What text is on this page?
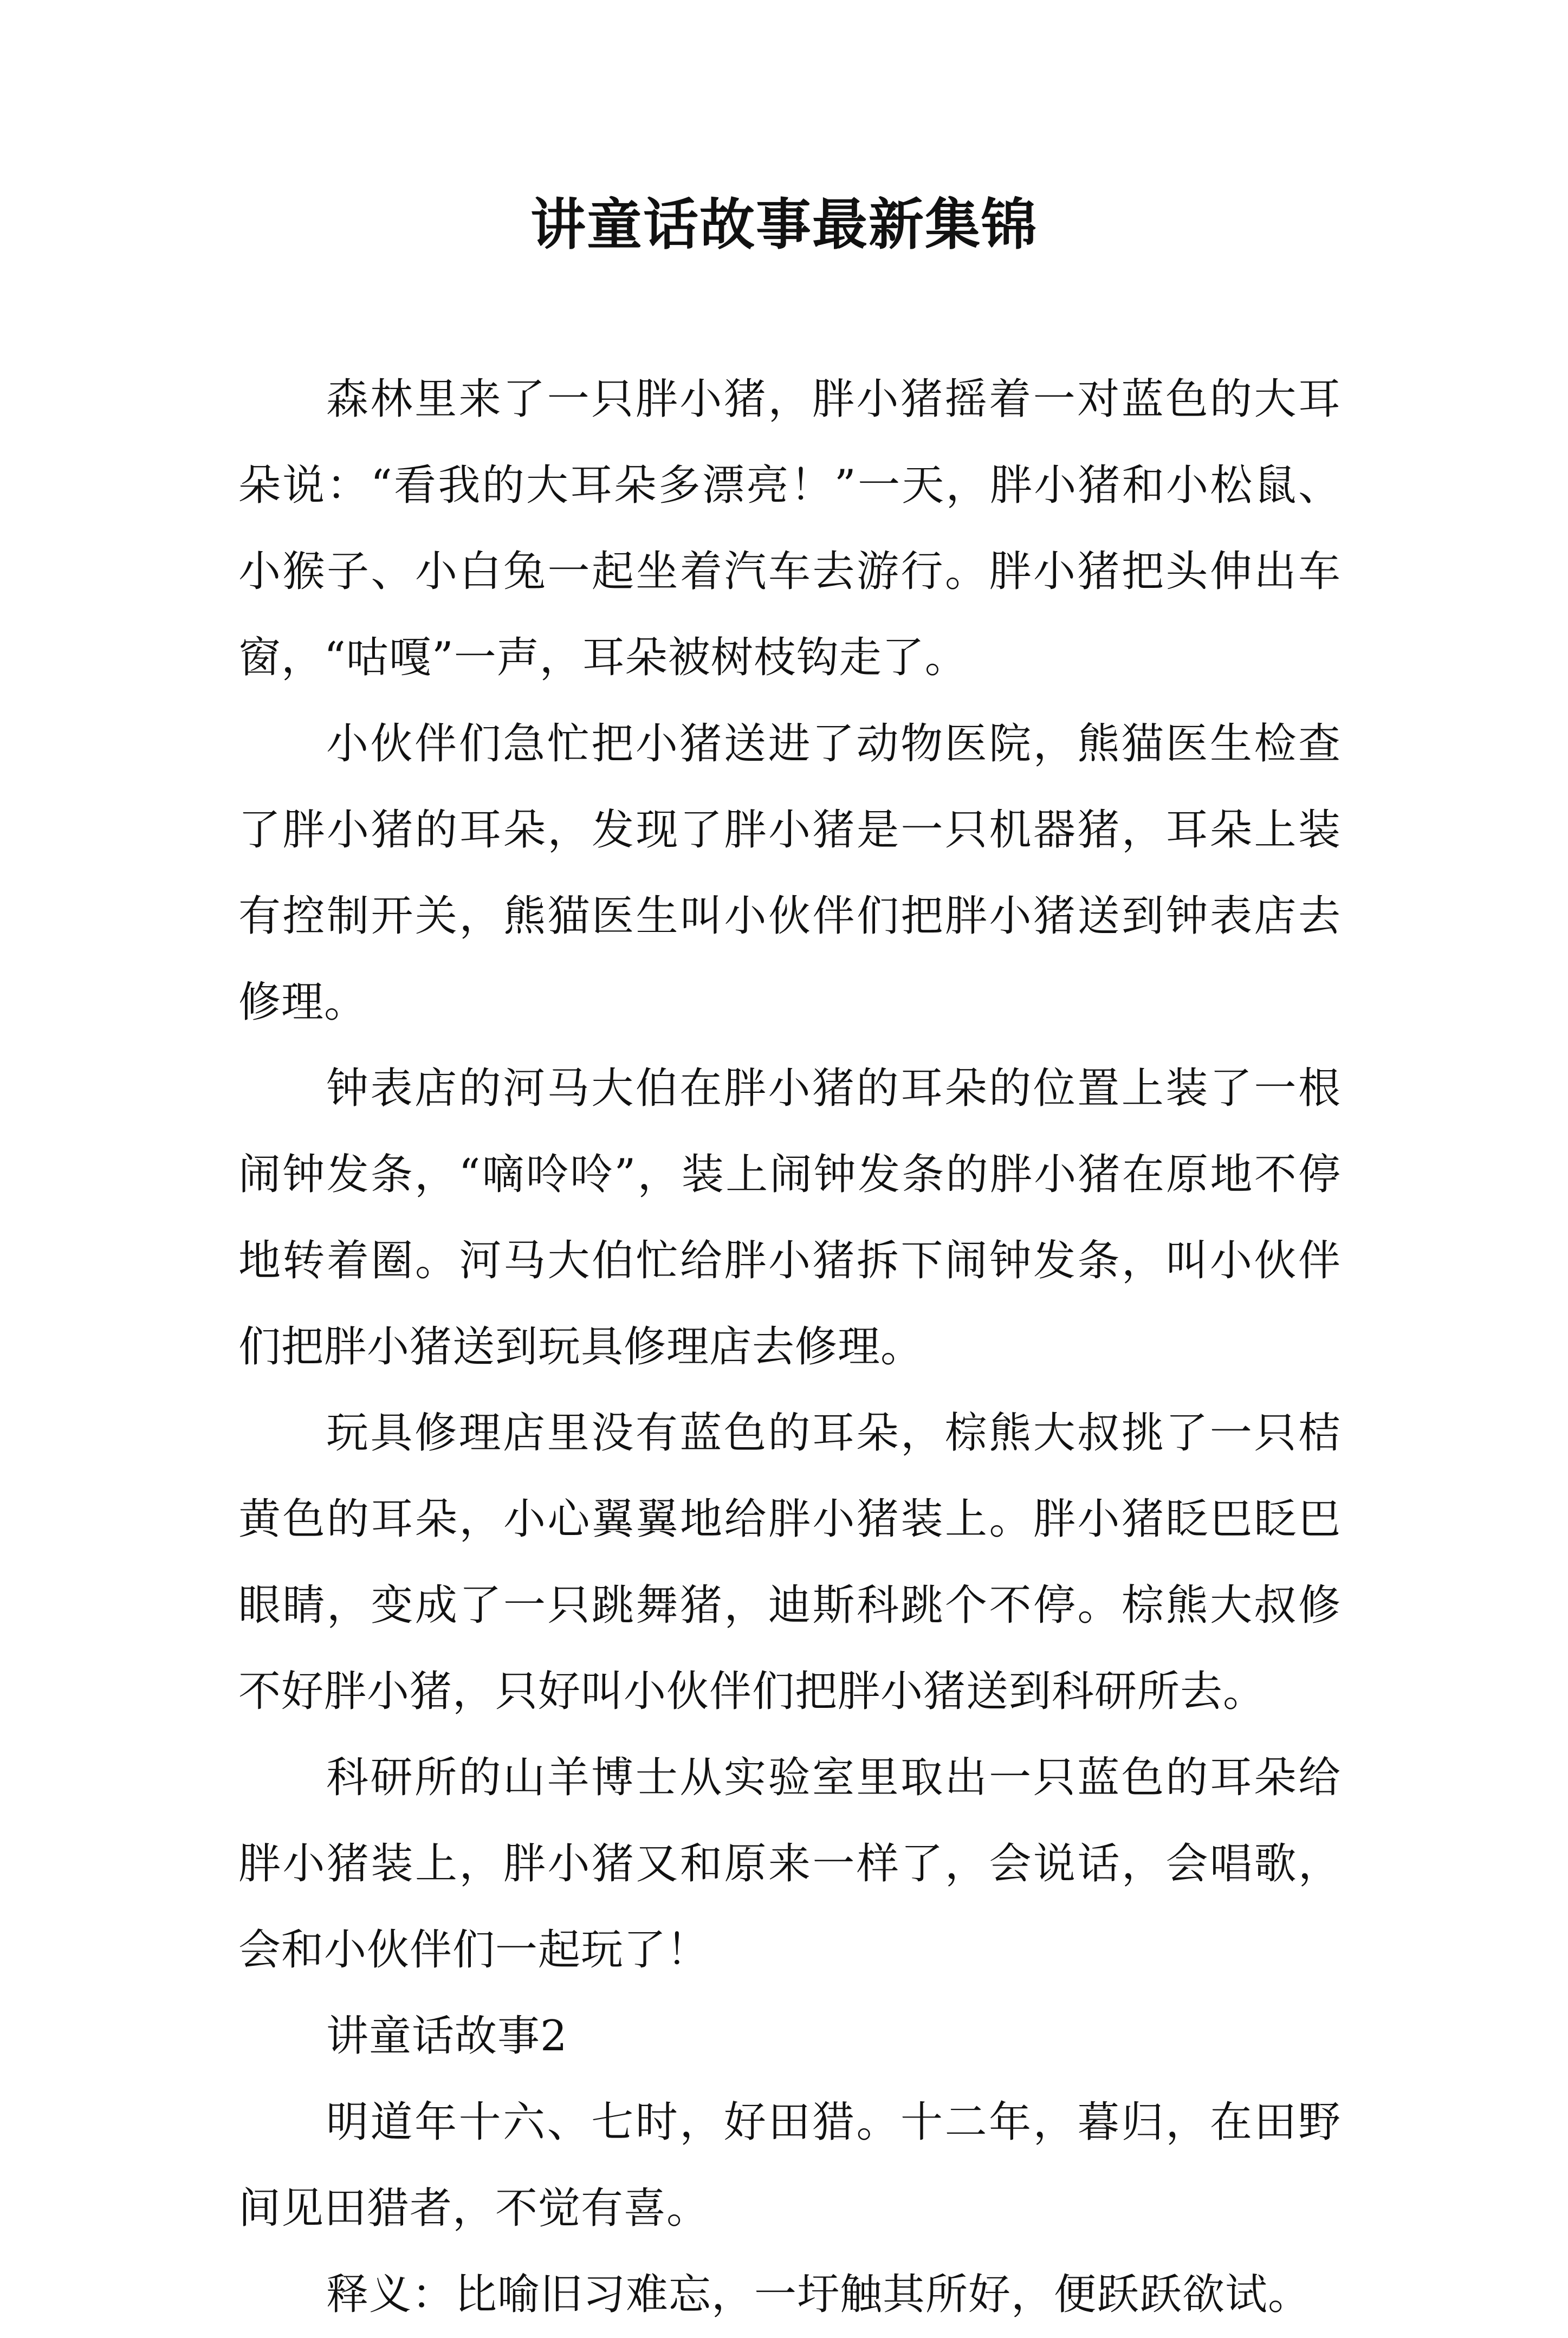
讲童话故事最新集锦

森林里来了一只胖小猪，胖小猪摇着一对蓝色的大耳朵说：“看我的大耳朵多漂亮！”一天，胖小猪和小松鼠、小猴子、小白兔一起坐着汽车去游行。胖小猪把头伸出车窗，“咕嘎”一声，耳朵被树枝钩走了。

小伙伴们急忙把小猪送进了动物医院，熊猫医生检查了胖小猪的耳朵，发现了胖小猪是一只机器猪，耳朵上装有控制开关，熊猫医生叫小伙伴们把胖小猪送到钟表店去修理。

钟表店的河马大伯在胖小猪的耳朵的位置上装了一根闹钟发条，“嘀呤呤”，装上闹钟发条的胖小猪在原地不停地转着圈。河马大伯忙给胖小猪拆下闹钟发条，叫小伙伴们把胖小猪送到玩具修理店去修理。

玩具修理店里没有蓝色的耳朵，棕熊大叔挑了一只桔黄色的耳朵，小心翼翼地给胖小猪装上。胖小猪眨巴眨巴眼睛，变成了一只跳舞猪，迪斯科跳个不停。棕熊大叔修不好胖小猪，只好叫小伙伴们把胖小猪送到科研所去。

科研所的山羊博士从实验室里取出一只蓝色的耳朵给胖小猪装上，胖小猪又和原来一样了，会说话，会唱歌，会和小伙伴们一起玩了！

讲童话故事2

明道年十六、七时，好田猎。十二年，暮归，在田野间见田猎者，不觉有喜。

释义：比喻旧习难忘，一圩触其所好，便跃跃欲试。
